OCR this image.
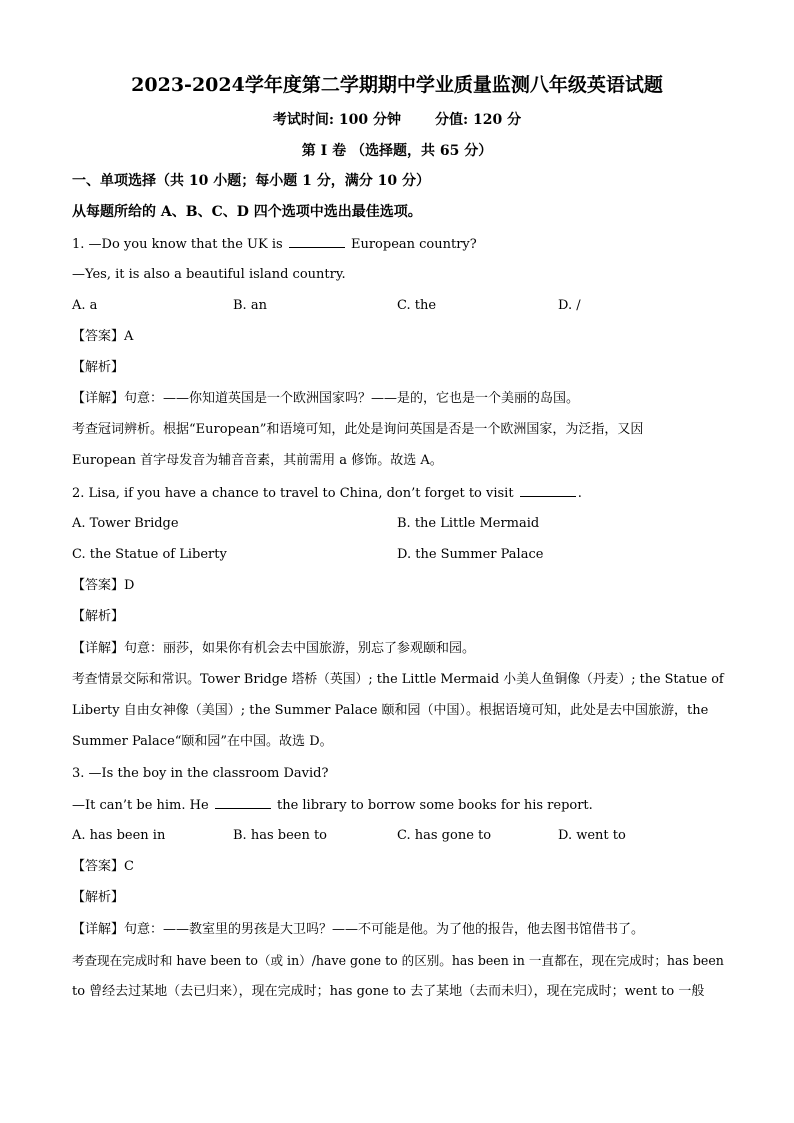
2023-2024学年度第二学期期中学业质量监测八年级英语试题
考试时间: 100 分钟 分值: 120 分
第 I 卷 （选择题，共 65 分）
一、单项选择（共 10 小题；每小题 1 分，满分 10 分）
从每题所给的 A、B、C、D 四个选项中选出最佳选项。
1. —Do you know that the UK is	European country?
—Yes, it is also a beautiful island country.
A. a	B. an	C. the	D. /
【答案】A
【解析】
【详解】句意：——你知道英国是一个欧洲国家吗？——是的，它也是一个美丽的岛国。
考查冠词辨析。根据“European”和语境可知，此处是询问英国是否是一个欧洲国家，为泛指，又因
European 首字母发音为辅音音素，其前需用 a 修饰。故选 A。
2. Lisa, if you have a chance to travel to China, don’t forget to visit	.
A. Tower Bridge	B. the Little Mermaid
C. the Statue of Liberty	D. the Summer Palace
【答案】D
【解析】
【详解】句意：丽莎，如果你有机会去中国旅游，别忘了参观颐和园。
考查情景交际和常识。Tower Bridge 塔桥（英国）; the Little Mermaid 小美人鱼铜像（丹麦）; the Statue of
Liberty 自由女神像（美国）; the Summer Palace 颐和园（中国）。根据语境可知，此处是去中国旅游，the
Summer Palace“颐和园”在中国。故选 D。
3. —Is the boy in the classroom David?
—It can’t be him. He	the library to borrow some books for his report.
A. has been in	B. has been to	C. has gone to	D. went to
【答案】C
【解析】
【详解】句意：——教室里的男孩是大卫吗？——不可能是他。为了他的报告，他去图书馆借书了。
考查现在完成时和 have been to（或 in）/have gone to 的区别。has been in 一直都在，现在完成时；has been
to 曾经去过某地（去已归来），现在完成时；has gone to 去了某地（去而未归），现在完成时；went to 一般
